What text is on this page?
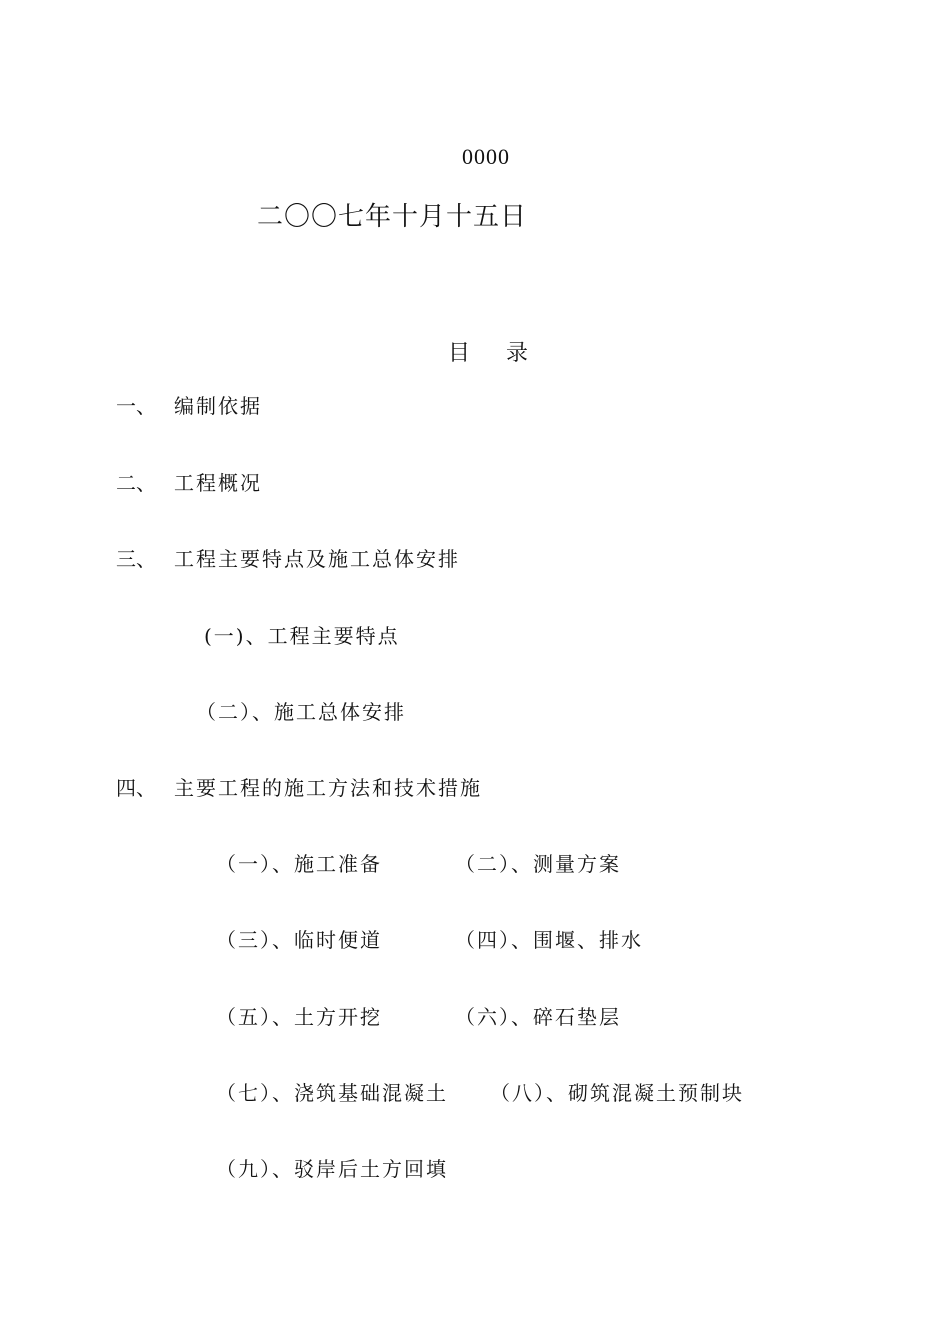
0000
二〇〇七年十月十五日
目 录
一、 编制依据
二、 工程概况
三、 工程主要特点及施工总体安排
(一)、工程主要特点
（二）、施工总体安排
四、 主要工程的施工方法和技术措施
（一）、施工准备	（二）、测量方案
（三）、临时便道	（四）、围堰、排水
（五）、土方开挖	（六）、碎石垫层
（七）、浇筑基础混凝土 （八）、砌筑混凝土预制块
（九）、驳岸后土方回填
